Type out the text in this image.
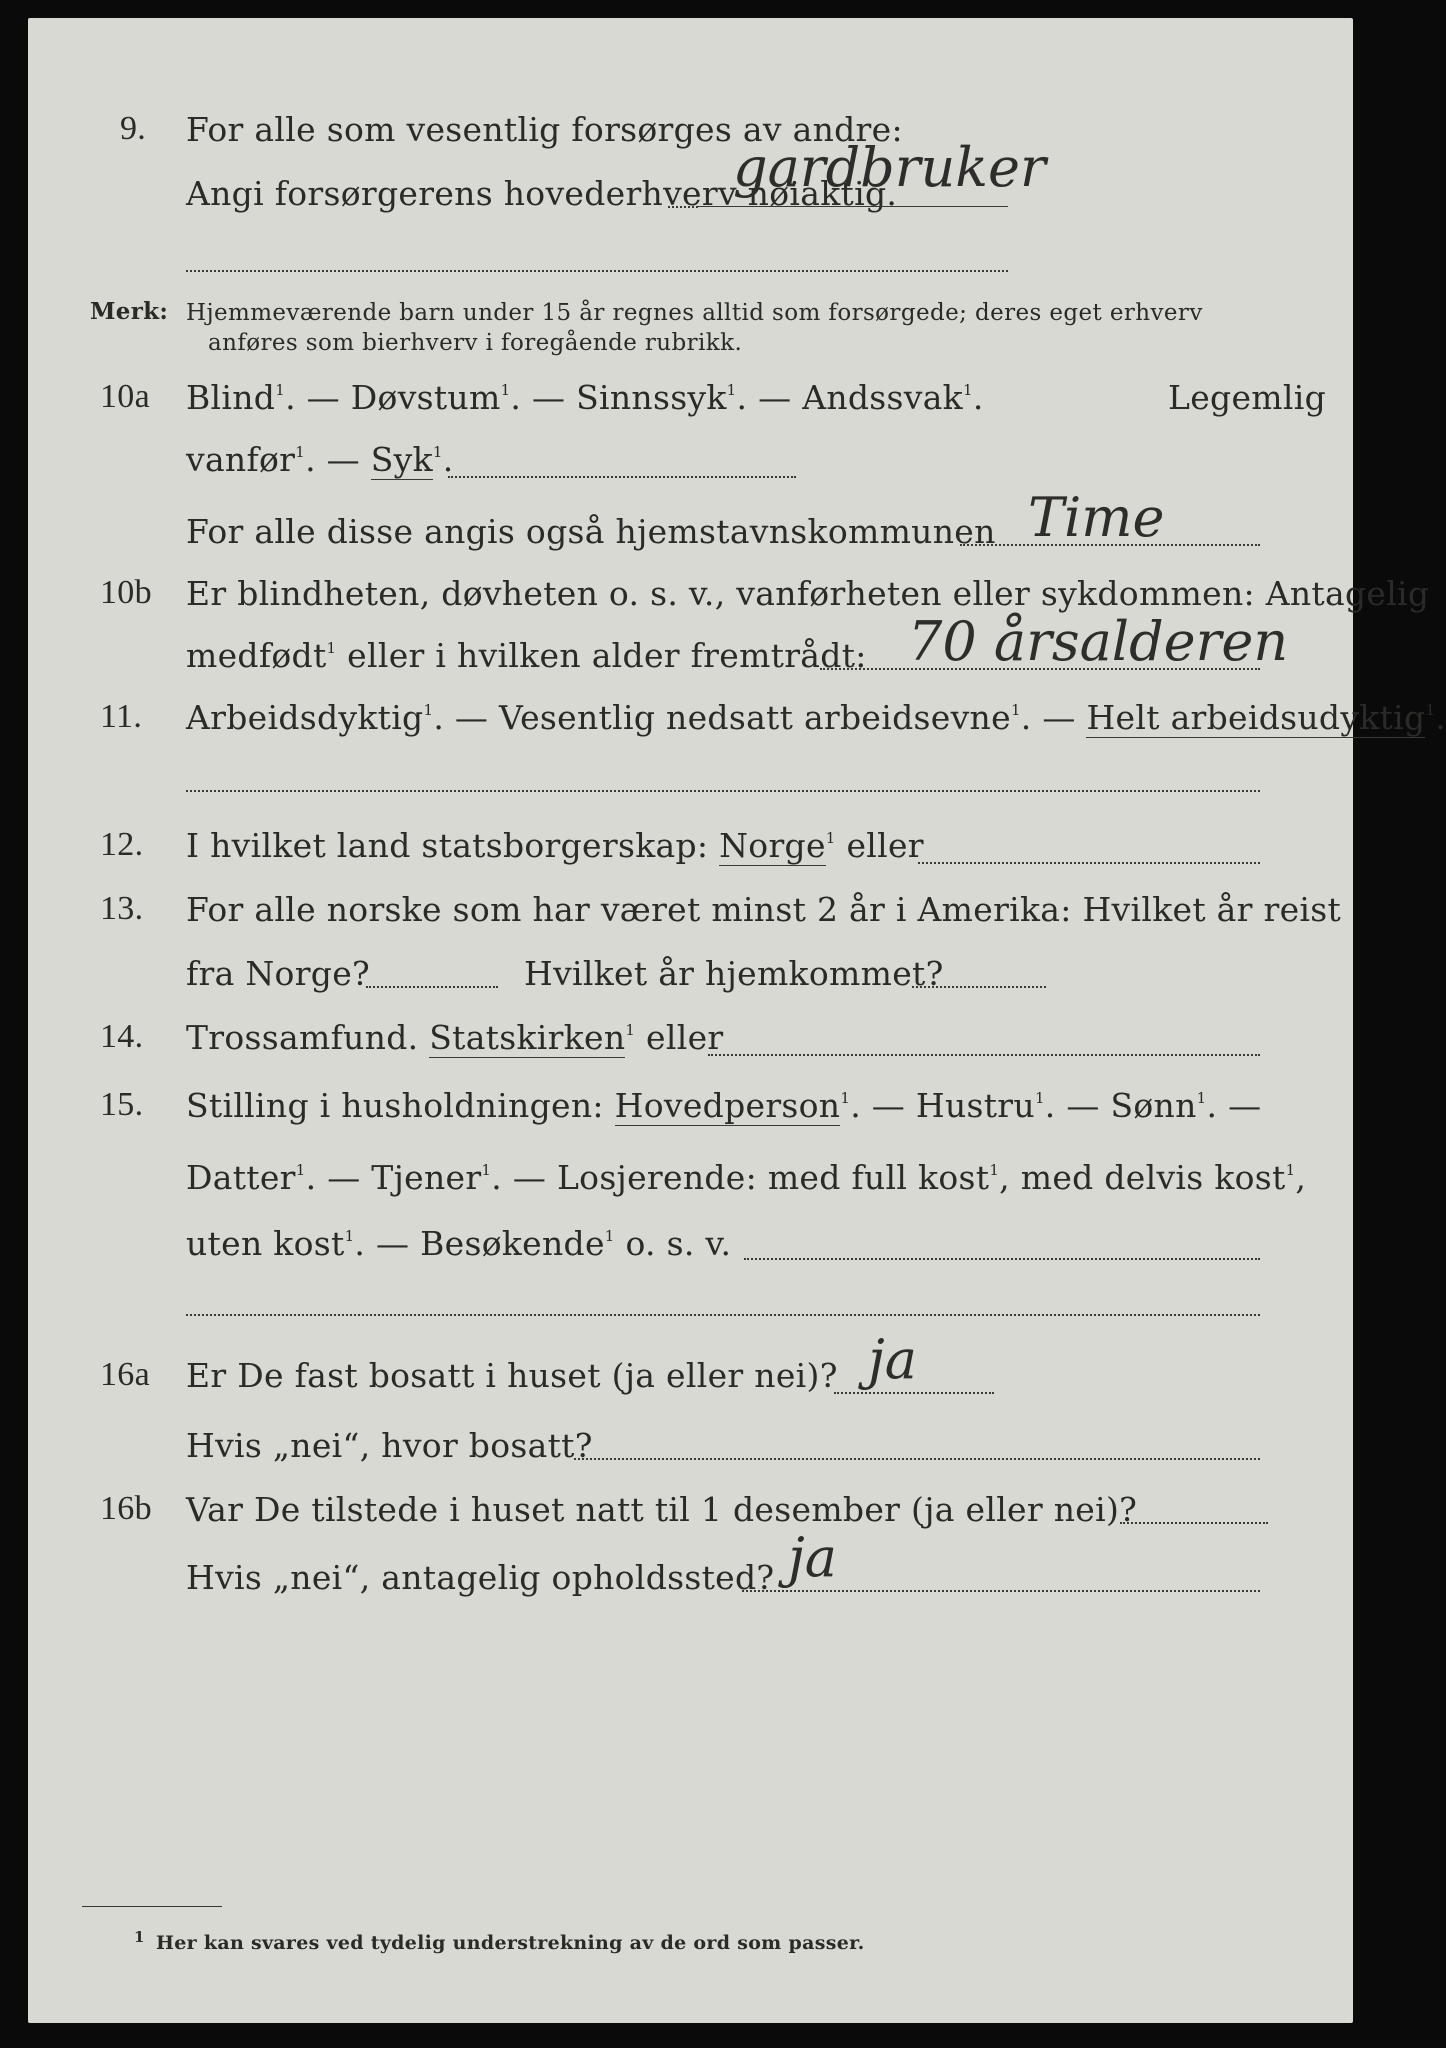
9. For alle som vesentlig forsørges av andre:
Angi forsørgerens hovederhverv nøiaktig.
gardbruker
Merk: Hjemmeværende barn under 15 år regnes alltid som forsørgede; deres eget erhverv
anføres som bierhverv i foregående rubrikk.
10a Blind$^1$. — Døvstum$^1$. — Sinnssyk$^1$. — Andssvak$^1$.	Legemlig
vanfør$^1$. — Syk$^1$.
For alle disse angis også hjemstavnskommunen Time
10b Er blindheten, døvheten o. s. v., vanførheten eller sykdommen: Antagelig
medfødt$^1$ eller i hvilken alder fremtrådt: 70 årsalderen
11. Arbeidsdyktig$^1$. — Vesentlig nedsatt arbeidsevne$^1$. — Helt arbeidsudyktig$^1$.
12. I hvilket land statsborgerskap: Norge$^1$ eller
13. For alle norske som har været minst 2 år i Amerika: Hvilket år reist
fra Norge?	Hvilket år hjemkommet?
14. Trossamfund. Statskirken$^1$ eller
15. Stilling i husholdningen: Hovedperson$^1$. — Hustru$^1$. — Sønn$^1$. —
Datter$^1$. — Tjener$^1$. — Losjerende: med full kost$^1$, med delvis kost$^1$,
uten kost$^1$. — Besøkende$^1$ o. s. v.
16a Er De fast bosatt i huset (ja eller nei)? ja
Hvis „nei“, hvor bosatt?
16b Var De tilstede i huset natt til 1 desember (ja eller nei)?
Hvis „nei“, antagelig opholdssted? ja
1 Her kan svares ved tydelig understrekning av de ord som passer.
